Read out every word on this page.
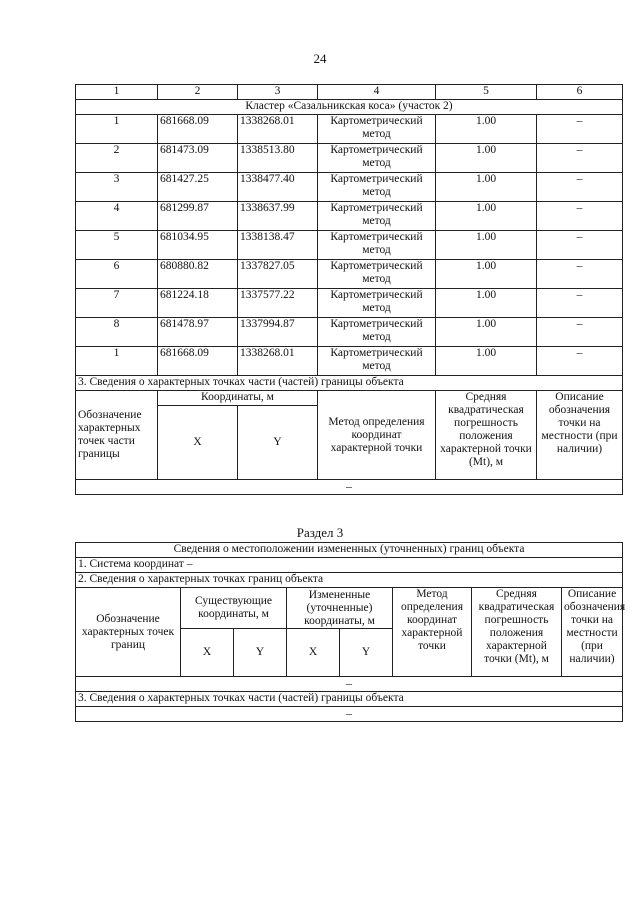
24
1	2	3	4	5	6
Кластер «Сазальникская коса» (участок 2)					
1	681668.09	1338268.01	Картометрический метод	1.00	–
2	681473.09	1338513.80	Картометрический метод	1.00	–
3	681427.25	1338477.40	Картометрический метод	1.00	–
4	681299.87	1338637.99	Картометрический метод	1.00	–
5	681034.95	1338138.47	Картометрический метод	1.00	–
6	680880.82	1337827.05	Картометрический метод	1.00	–
7	681224.18	1337577.22	Картометрический метод	1.00	–
8	681478.97	1337994.87	Картометрический метод	1.00	–
1	681668.09	1338268.01	Картометрический метод	1.00	–
3. Сведения о характерных точках части (частей) границы объекта					
Обозначение характерных точек части границы	Координаты, м		Метод определения координат характерной точки	Средняя квадратическая погрешность положения характерной точки (Mt), м	Описание обозначения точки на местности (при наличии)
	X	Y			
–					
Раздел 3
Сведения о местоположении измененных (уточненных) границ объекта							
1. Система координат –							
2. Сведения о характерных точках границ объекта							
Обозначение характерных точек границ	Существующие координаты, м		Измененные (уточненные) координаты, м		Метод определения координат характерной точки	Средняя квадратическая погрешность положения характерной точки (Mt), м	Описание обозначения точки на местности (при наличии)
	X	Y	X	Y			
–							
3. Сведения о характерных точках части (частей) границы объекта							
–							
